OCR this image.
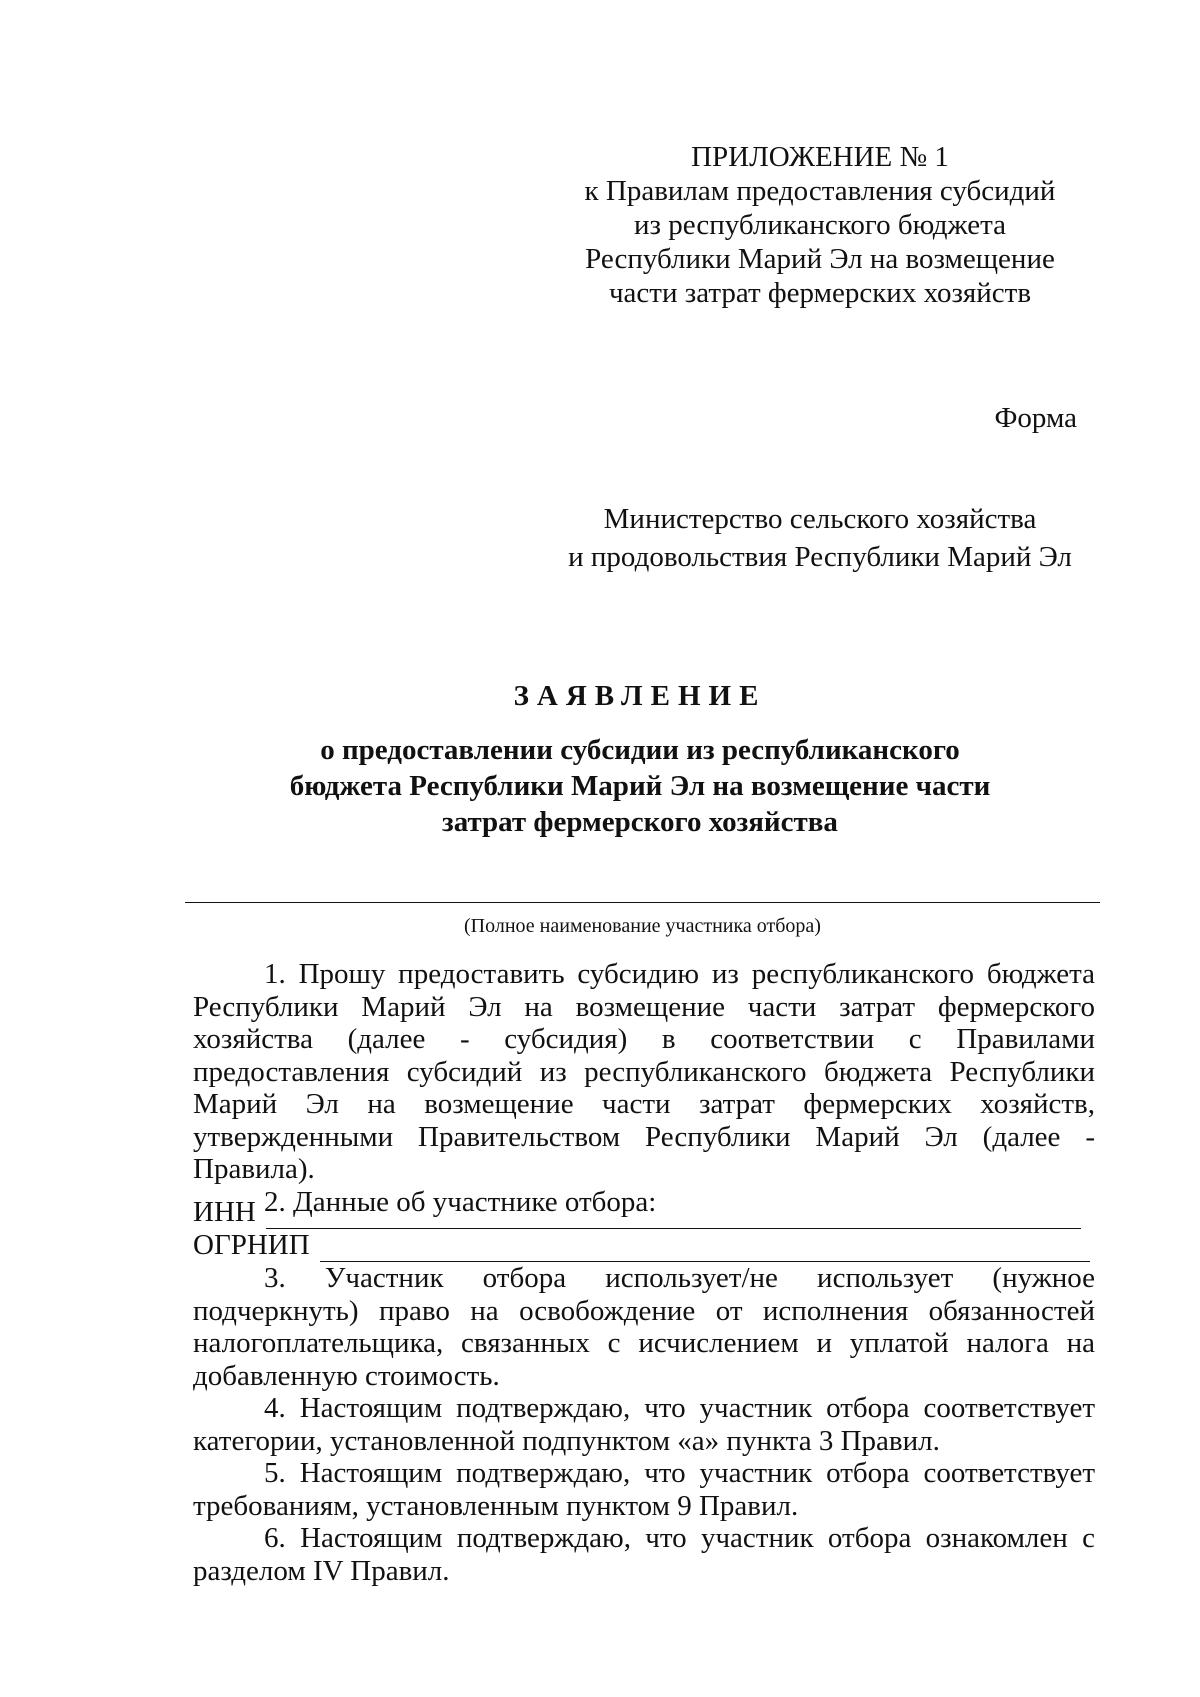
ПРИЛОЖЕНИЕ № 1
к Правилам предоставления субсидий
из республиканского бюджета
Республики Марий Эл на возмещение
части затрат фермерских хозяйств
Форма
Министерство сельского хозяйства
и продовольствия Республики Марий Эл
ЗАЯВЛЕНИЕ
о предоставлении субсидии из республиканского
бюджета Республики Марий Эл на возмещение части
затрат фермерского хозяйства
(Полное наименование участника отбора)

1. Прошу предоставить субсидию из республиканского бюджета Республики Марий Эл на возмещение части затрат фермерского хозяйства (далее - субсидия) в соответствии с Правилами предоставления субсидий из республиканского бюджета Республики Марий Эл на возмещение части затрат фермерских хозяйств, утвержденными Правительством Республики Марий Эл (далее - Правила).

2. Данные об участнике отбора:
ИНН
ОГРНИП
3. Участник отбора использует/не использует (нужное

подчеркнуть) право на освобождение от исполнения обязанностей налогоплательщика, связанных с исчислением и уплатой налога на добавленную стоимость.

4. Настоящим подтверждаю, что участник отбора соответствует категории, установленной подпунктом «а» пункта 3 Правил.

5. Настоящим подтверждаю, что участник отбора соответствует требованиям, установленным пунктом 9 Правил.

6. Настоящим подтверждаю, что участник отбора ознакомлен с разделом IV Правил.
